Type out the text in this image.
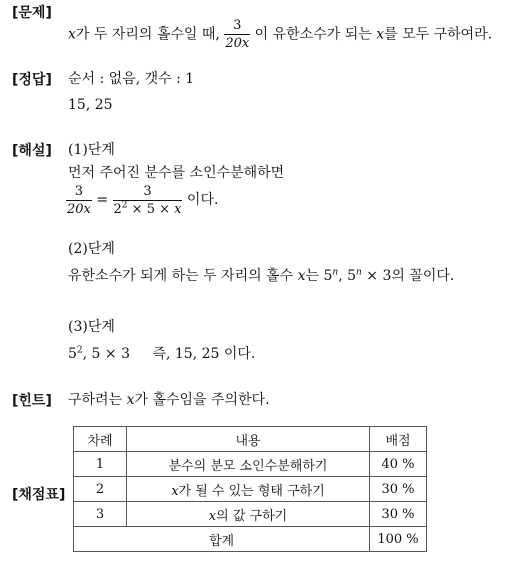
[문제]
x가 두 자리의 홀수일 때, $\frac{3}{20x}$ 이 유한소수가 되는 x를 모두 구하여라.
[정답] 순서 : 없음, 갯수 : 1
15, 25
[해설] (1)단계
먼저 주어진 분수를 소인수분해하면
$\frac{3}{20x} = \frac{3}{2^2 \times 5 \times x}$ 이다.
(2)단계
유한소수가 되게 하는 두 자리의 홀수 x는 5$^n$, $5^n \times 3$의 꼴이다.
(3)단계
$5^2$, 5 × 3 즉, 15, 25 이다.
[힌트] 구하려는 x가 홀수임을 주의한다.
[채점표]
차례	내용	배점
1	분수의 분모 소인수분해하기	40 %
2	x가 될 수 있는 형태 구하기	30 %
3	x의 값 구하기	30 %
합계		100 %
